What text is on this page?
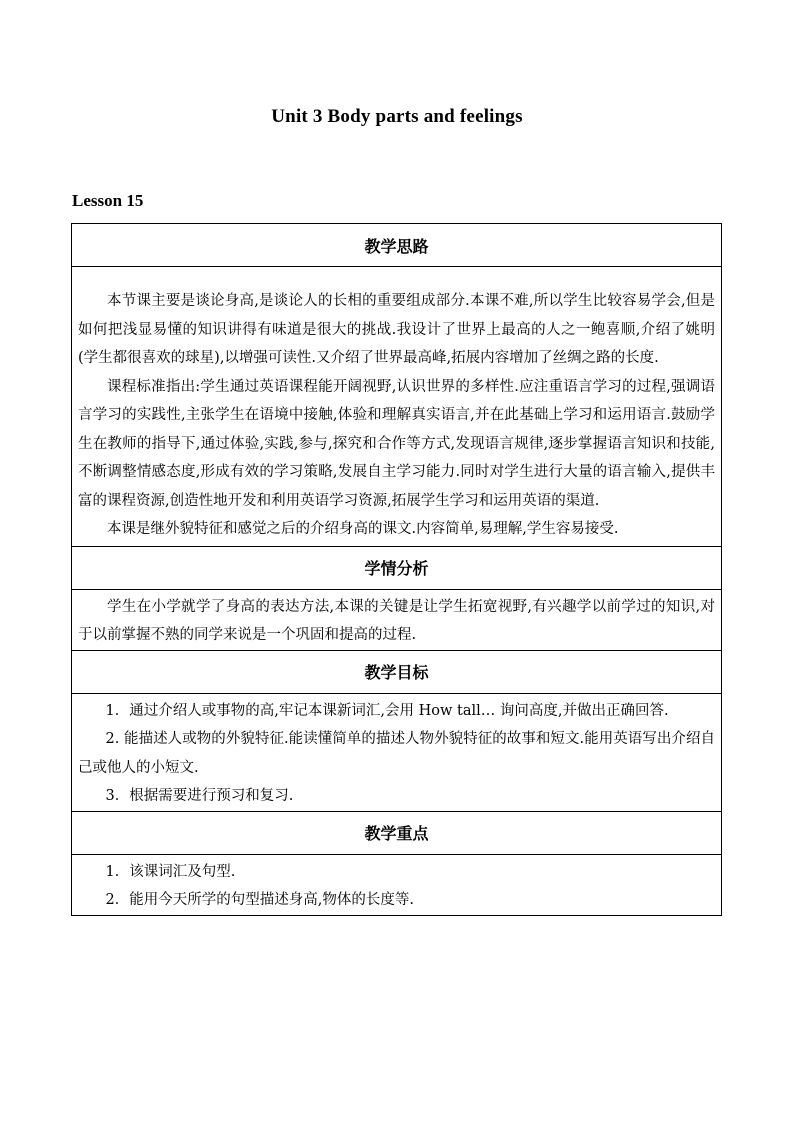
Unit 3 Body parts and feelings
Lesson 15
教学思路

本节课主要是谈论身高,是谈论人的长相的重要组成部分.本课不难,所以学生比较容易学会,但是如何把浅显易懂的知识讲得有味道是很大的挑战.我设计了世界上最高的人之一鲍喜顺,介绍了姚明(学生都很喜欢的球星),以增强可读性.又介绍了世界最高峰,拓展内容增加了丝绸之路的长度.

课程标准指出:学生通过英语课程能开阔视野,认识世界的多样性.应注重语言学习的过程,强调语言学习的实践性,主张学生在语境中接触,体验和理解真实语言,并在此基础上学习和运用语言.鼓励学生在教师的指导下,通过体验,实践,参与,探究和合作等方式,发现语言规律,逐步掌握语言知识和技能,不断调整情感态度,形成有效的学习策略,发展自主学习能力.同时对学生进行大量的语言输入,提供丰富的课程资源,创造性地开发和利用英语学习资源,拓展学生学习和运用英语的渠道.

本课是继外貌特征和感觉之后的介绍身高的课文.内容简单,易理解,学生容易接受.

学情分析

学生在小学就学了身高的表达方法,本课的关键是让学生拓宽视野,有兴趣学以前学过的知识,对于以前掌握不熟的同学来说是一个巩固和提高的过程.

教学目标

1．通过介绍人或事物的高,牢记本课新词汇,会用 How tall… 询问高度,并做出正确回答.

2. 能描述人或物的外貌特征.能读懂简单的描述人物外貌特征的故事和短文.能用英语写出介绍自己或他人的小短文.

3．根据需要进行预习和复习.

教学重点

1．该课词汇及句型.

2．能用今天所学的句型描述身高,物体的长度等.
